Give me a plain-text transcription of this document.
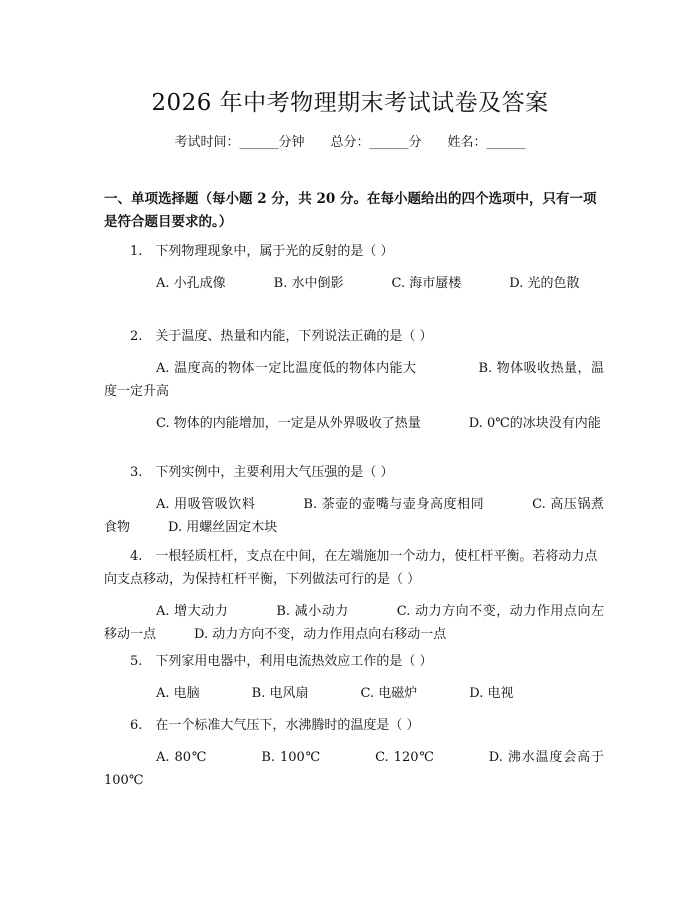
2026 年中考物理期末考试试卷及答案
考试时间：______分钟 总分：______分 姓名：______

一、单项选择题（每小题 2 分，共 20 分。在每小题给出的四个选项中，只有一项是符合题目要求的。）

1.　下列物理现象中，属于光的反射的是（ ）

A. 小孔成像	B. 水中倒影	C. 海市蜃楼	D. 光的色散

2.　关于温度、热量和内能，下列说法正确的是（ ）

A. 温度高的物体一定比温度低的物体内能大	B. 物体吸收热量，温度一定升高

C. 物体的内能增加，一定是从外界吸收了热量	D. 0℃的冰块没有内能

3.　下列实例中，主要利用大气压强的是（ ）

A. 用吸管吸饮料	B. 茶壶的壶嘴与壶身高度相同	C. 高压锅煮食物	D. 用螺丝固定木块

4.　一根轻质杠杆，支点在中间，在左端施加一个动力，使杠杆平衡。若将动力点向支点移动，为保持杠杆平衡，下列做法可行的是（ ）

A. 增大动力	B. 减小动力	C. 动力方向不变，动力作用点向左移动一点	D. 动力方向不变，动力作用点向右移动一点

5.　下列家用电器中，利用电流热效应工作的是（ ）

A. 电脑	B. 电风扇	C. 电磁炉	D. 电视

6.　在一个标准大气压下，水沸腾时的温度是（ ）

A. 80℃	B. 100℃	C. 120℃	D. 沸水温度会高于 100℃
